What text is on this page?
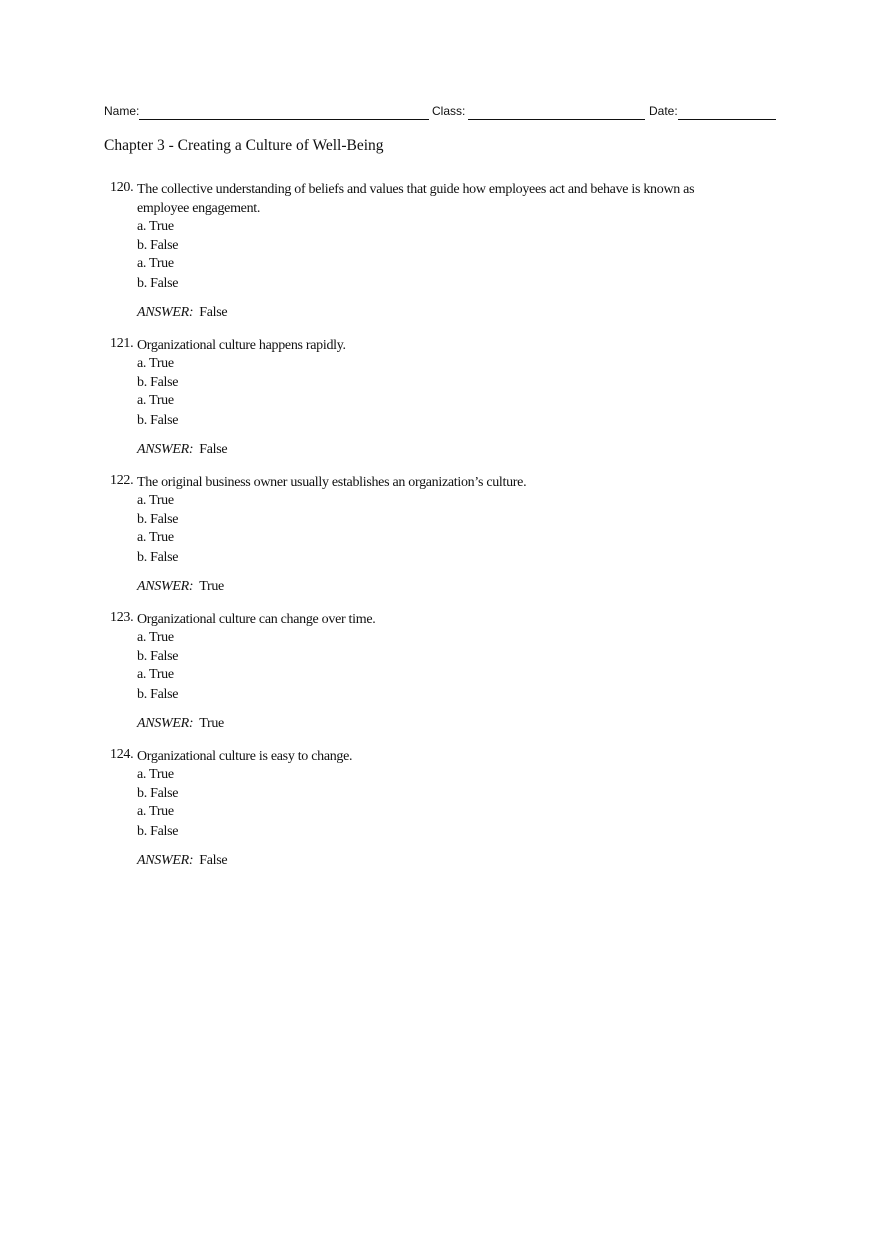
Name:	Class:	Date:
Chapter 3 - Creating a Culture of Well-Being
120. The collective understanding of beliefs and values that guide how employees act and behave is known as employee engagement.
a. True
b. False
a. True
b. False
ANSWER: False
121. Organizational culture happens rapidly.
a. True
b. False
a. True
b. False
ANSWER: False
122. The original business owner usually establishes an organization’s culture.
a. True
b. False
a. True
b. False
ANSWER: True
123. Organizational culture can change over time.
a. True
b. False
a. True
b. False
ANSWER: True
124. Organizational culture is easy to change.
a. True
b. False
a. True
b. False
ANSWER: False
